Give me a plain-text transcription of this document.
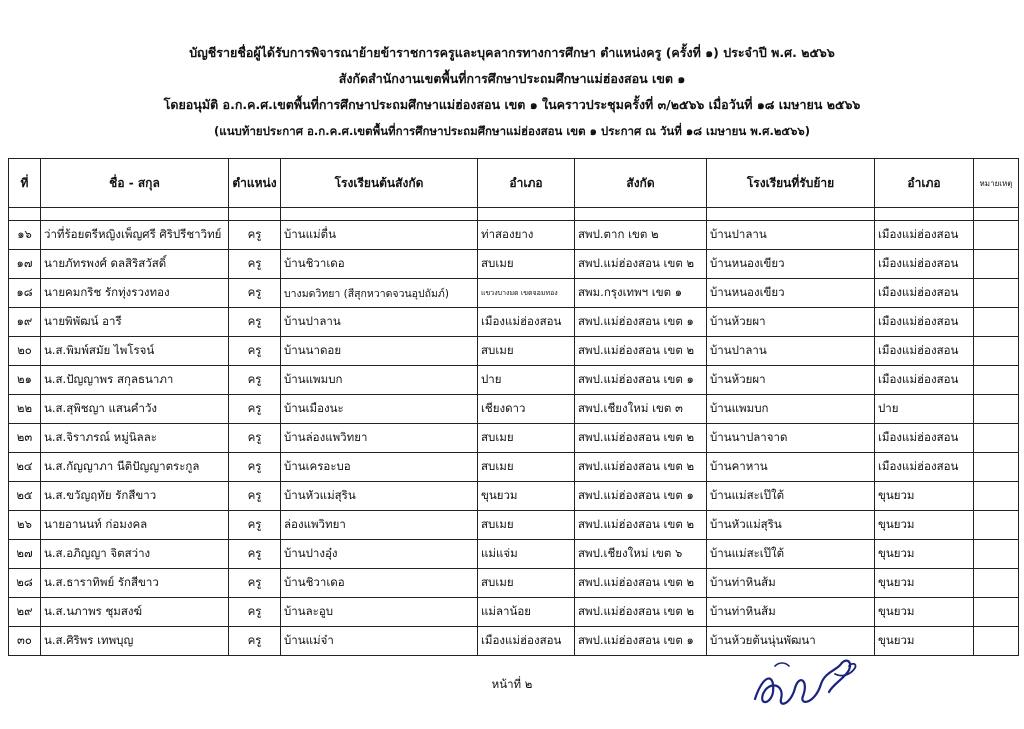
บัญชีรายชื่อผู้ได้รับการพิจารณาย้ายข้าราชการครูและบุคลากรทางการศึกษา ตำแหน่งครู (ครั้งที่ ๑) ประจำปี พ.ศ. ๒๕๖๖
สังกัดสำนักงานเขตพื้นที่การศึกษาประถมศึกษาแม่ฮ่องสอน เขต ๑
โดยอนุมัติ อ.ก.ค.ศ.เขตพื้นที่การศึกษาประถมศึกษาแม่ฮ่องสอน เขต ๑ ในคราวประชุมครั้งที่ ๓/๒๕๖๖ เมื่อวันที่ ๑๘ เมษายน ๒๕๖๖
(แนบท้ายประกาศ อ.ก.ค.ศ.เขตพื้นที่การศึกษาประถมศึกษาแม่ฮ่องสอน เขต ๑ ประกาศ ณ วันที่ ๑๘ เมษายน พ.ศ.๒๕๖๖)
ที่	ชื่อ - สกุล	ตำแหน่ง	โรงเรียนต้นสังกัด	อำเภอ	สังกัด	โรงเรียนที่รับย้าย	อำเภอ	หมายเหตุ

๑๖	ว่าที่ร้อยตรีหญิงเพ็ญศรี ศิริปรีชาวิทย์	ครู	บ้านแม่ตื่น	ท่าสองยาง	สพป.ตาก เขต ๒	บ้านปาลาน	เมืองแม่ฮ่องสอน	
๑๗	นายภัทรพงศ์ ดลสิริสวัสดิ์	ครู	บ้านชิวาเดอ	สบเมย	สพป.แม่ฮ่องสอน เขต ๒	บ้านหนองเขียว	เมืองแม่ฮ่องสอน	
๑๘	นายคมกริช รักทุ่งรวงทอง	ครู	บางมดวิทยา (สีสุกหวาดจวนอุปถัมภ์)	แขวงบางมด เขตจอมทอง	สพม.กรุงเทพฯ เขต ๑	บ้านหนองเขียว	เมืองแม่ฮ่องสอน	
๑๙	นายพิพัฒน์ อารี	ครู	บ้านปาลาน	เมืองแม่ฮ่องสอน	สพป.แม่ฮ่องสอน เขต ๑	บ้านห้วยผา	เมืองแม่ฮ่องสอน	
๒๐	น.ส.พิมพ์สมัย ไพโรจน์	ครู	บ้านนาดอย	สบเมย	สพป.แม่ฮ่องสอน เขต ๒	บ้านปาลาน	เมืองแม่ฮ่องสอน	
๒๑	น.ส.ปัญญาพร สกุลธนาภา	ครู	บ้านแพมบก	ปาย	สพป.แม่ฮ่องสอน เขต ๑	บ้านห้วยผา	เมืองแม่ฮ่องสอน	
๒๒	น.ส.สุพิชญา แสนคำวัง	ครู	บ้านเมืองนะ	เชียงดาว	สพป.เชียงใหม่ เขต ๓	บ้านแพมบก	ปาย	
๒๓	น.ส.จิราภรณ์ หมู่นิลละ	ครู	บ้านล่องแพวิทยา	สบเมย	สพป.แม่ฮ่องสอน เขต ๒	บ้านนาปลาจาด	เมืองแม่ฮ่องสอน	
๒๔	น.ส.กัญญาภา นีติปัญญาตระกูล	ครู	บ้านเครอะบอ	สบเมย	สพป.แม่ฮ่องสอน เขต ๒	บ้านคาหาน	เมืองแม่ฮ่องสอน	
๒๕	น.ส.ขวัญฤทัย รักสีขาว	ครู	บ้านหัวแม่สุริน	ขุนยวม	สพป.แม่ฮ่องสอน เขต ๑	บ้านแม่สะเป๊ใต้	ขุนยวม	
๒๖	นายอานนท์ ก่อมงคล	ครู	ล่องแพวิทยา	สบเมย	สพป.แม่ฮ่องสอน เขต ๒	บ้านหัวแม่สุริน	ขุนยวม	
๒๗	น.ส.อภิญญา จิตสว่าง	ครู	บ้านปางอุ๋ง	แม่แจ่ม	สพป.เชียงใหม่ เขต ๖	บ้านแม่สะเป๊ใต้	ขุนยวม	
๒๘	น.ส.ธาราทิพย์ รักสีขาว	ครู	บ้านชิวาเดอ	สบเมย	สพป.แม่ฮ่องสอน เขต ๒	บ้านท่าหินส้ม	ขุนยวม	
๒๙	น.ส.นภาพร ชุมสงฆ์	ครู	บ้านละอูบ	แม่ลาน้อย	สพป.แม่ฮ่องสอน เขต ๒	บ้านท่าหินส้ม	ขุนยวม	
๓๐	น.ส.ศิริพร เทพบุญ	ครู	บ้านแม่จ๋า	เมืองแม่ฮ่องสอน	สพป.แม่ฮ่องสอน เขต ๑	บ้านห้วยต้นนุ่นพัฒนา	ขุนยวม	
หน้าที่ ๒
